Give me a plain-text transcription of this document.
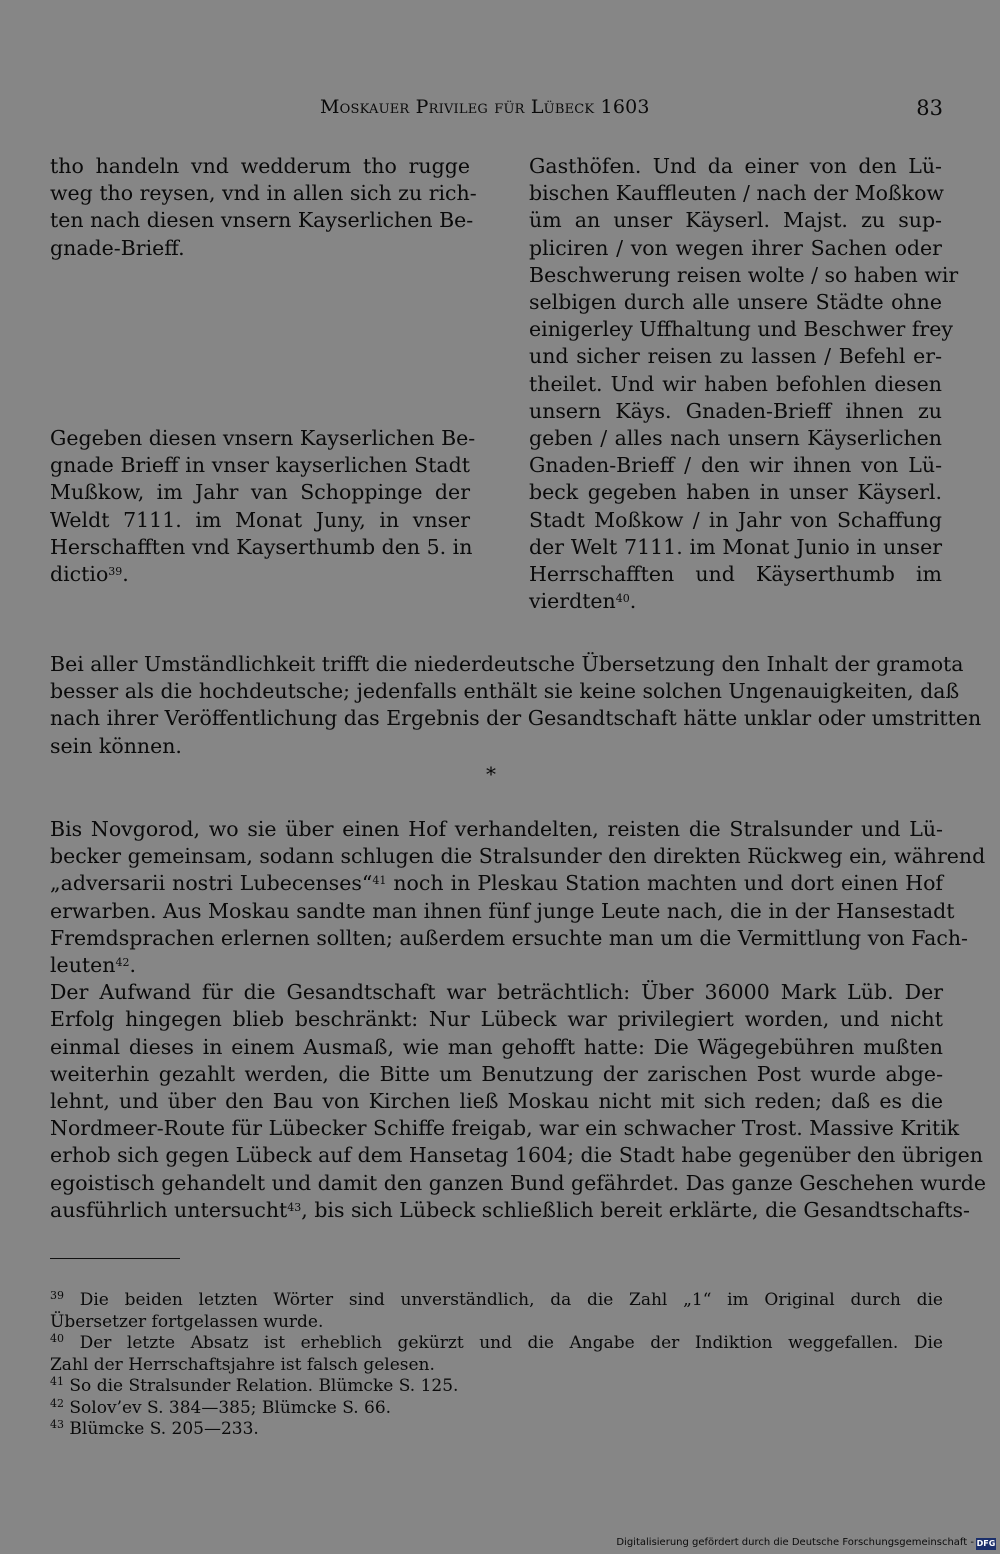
Moskauer Privileg für Lübeck 1603	83
tho handeln vnd wedderum tho rugge
weg tho reysen, vnd in allen sich zu rich-
ten nach diesen vnsern Kayserlichen Be-
gnade-Brieff.
Gegeben diesen vnsern Kayserlichen Be-
gnade Brieff in vnser kayserlichen Stadt
Mußkow, im Jahr van Schoppinge der
Weldt 7111. im Monat Juny, in vnser
Herschafften vnd Kayserthumb den 5. in
dictio$^{39}$.
Gasthöfen. Und da einer von den Lü-
bischen Kauffleuten / nach der Moßkow
üm an unser Käyserl. Majst. zu sup-
pliciren / von wegen ihrer Sachen oder
Beschwerung reisen wolte / so haben wir
selbigen durch alle unsere Städte ohne
einigerley Uffhaltung und Beschwer frey
und sicher reisen zu lassen / Befehl er-
theilet. Und wir haben befohlen diesen
unsern Käys. Gnaden-Brieff ihnen zu
geben / alles nach unsern Käyserlichen
Gnaden-Brieff / den wir ihnen von Lü-
beck gegeben haben in unser Käyserl.
Stadt Moßkow / in Jahr von Schaffung
der Welt 7111. im Monat Junio in unser
Herrschafften und Käyserthumb im
vierdten$^{40}$.
Bei aller Umständlichkeit trifft die niederdeutsche Übersetzung den Inhalt der gramota
besser als die hochdeutsche; jedenfalls enthält sie keine solchen Ungenauigkeiten, daß
nach ihrer Veröffentlichung das Ergebnis der Gesandtschaft hätte unklar oder umstritten
sein können.
*
Bis Novgorod, wo sie über einen Hof verhandelten, reisten die Stralsunder und Lü-
becker gemeinsam, sodann schlugen die Stralsunder den direkten Rückweg ein, während
„adversarii nostri Lubecenses“$^{41}$ noch in Pleskau Station machten und dort einen Hof
erwarben. Aus Moskau sandte man ihnen fünf junge Leute nach, die in der Hansestadt
Fremdsprachen erlernen sollten; außerdem ersuchte man um die Vermittlung von Fach-
leuten$^{42}$.
Der Aufwand für die Gesandtschaft war beträchtlich: Über 36000 Mark Lüb. Der
Erfolg hingegen blieb beschränkt: Nur Lübeck war privilegiert worden, und nicht
einmal dieses in einem Ausmaß, wie man gehofft hatte: Die Wägegebühren mußten
weiterhin gezahlt werden, die Bitte um Benutzung der zarischen Post wurde abge-
lehnt, und über den Bau von Kirchen ließ Moskau nicht mit sich reden; daß es die
Nordmeer-Route für Lübecker Schiffe freigab, war ein schwacher Trost. Massive Kritik
erhob sich gegen Lübeck auf dem Hansetag 1604; die Stadt habe gegenüber den übrigen
egoistisch gehandelt und damit den ganzen Bund gefährdet. Das ganze Geschehen wurde
ausführlich untersucht$^{43}$, bis sich Lübeck schließlich bereit erklärte, die Gesandtschafts-
$^{39}$ Die beiden letzten Wörter sind unverständlich, da die Zahl „1“ im Original durch die
Übersetzer fortgelassen wurde.
$^{40}$ Der letzte Absatz ist erheblich gekürzt und die Angabe der Indiktion weggefallen. Die
Zahl der Herrschaftsjahre ist falsch gelesen.
$^{41}$ So die Stralsunder Relation. Blümcke S. 125.
$^{42}$ Solov’ev S. 384—385; Blümcke S. 66.
$^{43}$ Blümcke S. 205—233.
Digitalisierung gefördert durch die Deutsche Forschungsgemeinschaft - DFG
